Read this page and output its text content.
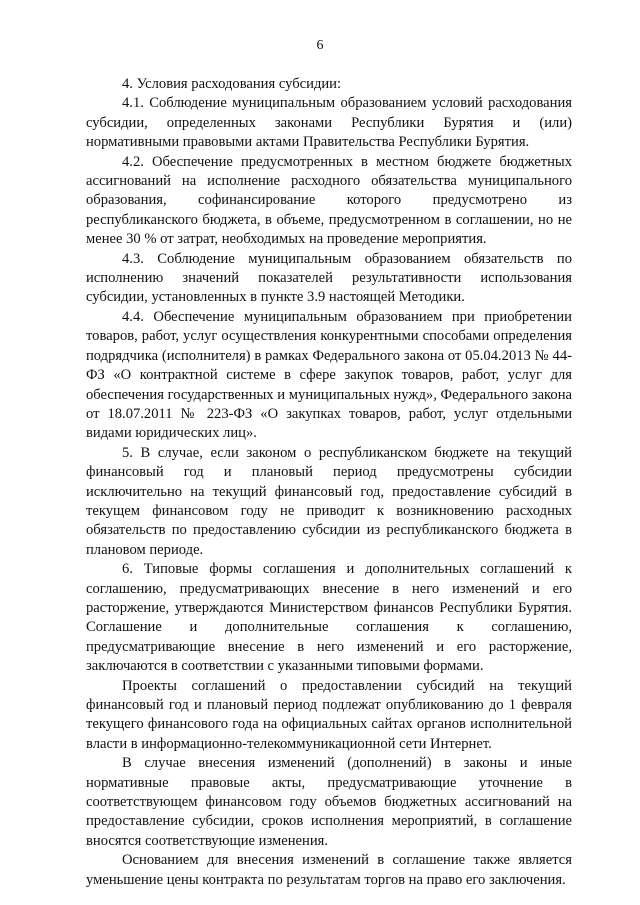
6

4. Условия расходования субсидии:

4.1. Соблюдение муниципальным образованием условий расходования субсидии, определенных законами Республики Бурятия и (или) нормативными правовыми актами Правительства Республики Бурятия.

4.2. Обеспечение предусмотренных в местном бюджете бюджетных ассигнований на исполнение расходного обязательства муниципального образования, софинансирование которого предусмотрено из республиканского бюджета, в объеме, предусмотренном в соглашении, но не менее 30 % от затрат, необходимых на проведение мероприятия.

4.3. Соблюдение муниципальным образованием обязательств по исполнению значений показателей результативности использования субсидии, установленных в пункте 3.9 настоящей Методики.

4.4. Обеспечение муниципальным образованием при приобретении товаров, работ, услуг осуществления конкурентными способами определения подрядчика (исполнителя) в рамках Федерального закона от 05.04.2013 № 44-ФЗ «О контрактной системе в сфере закупок товаров, работ, услуг для обеспечения государственных и муниципальных нужд», Федерального закона от 18.07.2011 № 223-ФЗ «О закупках товаров, работ, услуг отдельными видами юридических лиц».

5. В случае, если законом о республиканском бюджете на текущий финансовый год и плановый период предусмотрены субсидии исключительно на текущий финансовый год, предоставление субсидий в текущем финансовом году не приводит к возникновению расходных обязательств по предоставлению субсидии из республиканского бюджета в плановом периоде.

6. Типовые формы соглашения и дополнительных соглашений к соглашению, предусматривающих внесение в него изменений и его расторжение, утверждаются Министерством финансов Республики Бурятия. Соглашение и дополнительные соглашения к соглашению, предусматривающие внесение в него изменений и его расторжение, заключаются в соответствии с указанными типовыми формами.

Проекты соглашений о предоставлении субсидий на текущий финансовый год и плановый период подлежат опубликованию до 1 февраля текущего финансового года на официальных сайтах органов исполнительной власти в информационно-телекоммуникационной сети Интернет.

В случае внесения изменений (дополнений) в законы и иные нормативные правовые акты, предусматривающие уточнение в соответствующем финансовом году объемов бюджетных ассигнований на предоставление субсидии, сроков исполнения мероприятий, в соглашение вносятся соответствующие изменения.

Основанием для внесения изменений в соглашение также является уменьшение цены контракта по результатам торгов на право его заключения.
